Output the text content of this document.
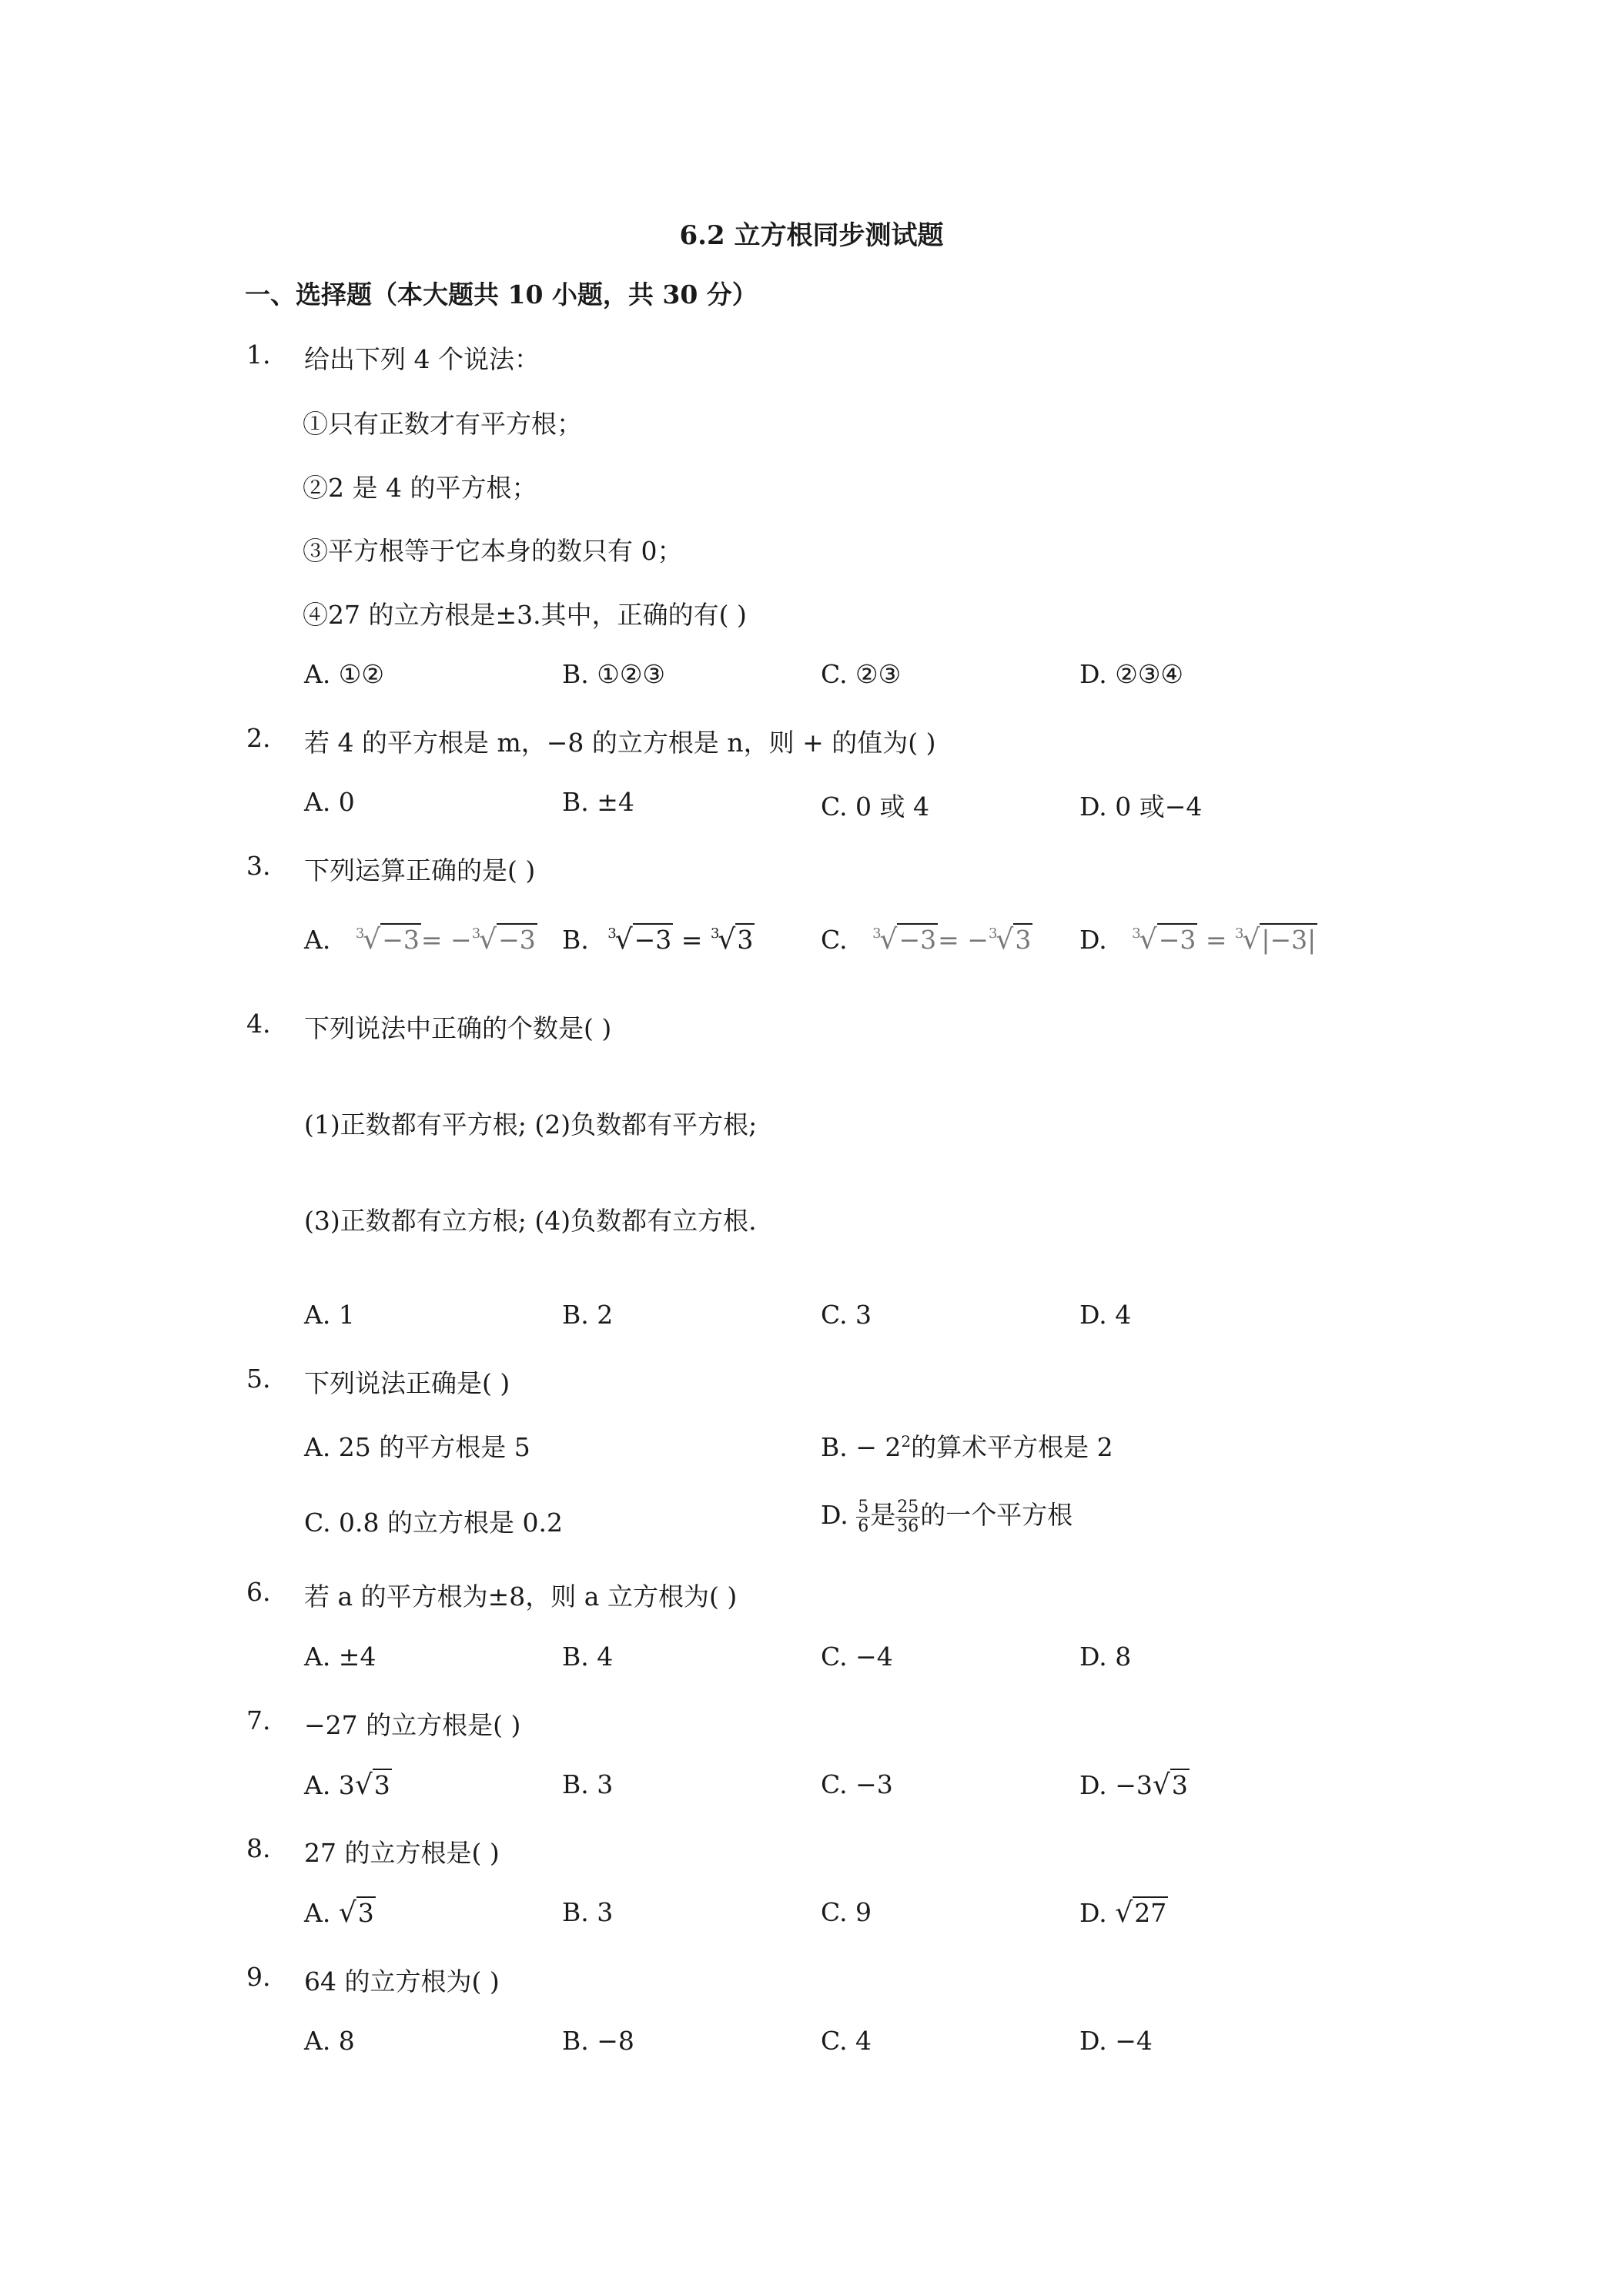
6.2 立方根同步测试题
一、选择题（本大题共 10 小题，共 30 分）
1. 给出下列 4 个说法：
①只有正数才有平方根；
②2 是 4 的平方根；
③平方根等于它本身的数只有 0；
④27 的立方根是±3.其中，正确的有( )
A. ①②	B. ①②③	C. ②③	D. ②③④
2. 若 4 的平方根是 m，−8 的立方根是 n，则 + 的值为( )
A. 0	B. ±4	C. 0 或 4	D. 0 或−4
3. 下列运算正确的是( )
A. $^3$√−3= −$^3$√−3 B. $^3$√−3 = $^3$√3	C. $^3$√−3= −$^3$√3 D. $^3$√−3 = $^3$√|−3|
4. 下列说法中正确的个数是( )
(1)正数都有平方根; (2)负数都有平方根;
(3)正数都有立方根; (4)负数都有立方根.
A. 1	B. 2	C. 3	D. 4
5. 下列说法正确是( )
A. 25 的平方根是 5	B. − $2^2$的算术平方根是 2
C. 0.8 的立方根是 0.2	D. $\frac{5}{6}$ 是 $\frac{25}{36}$ 的一个平方根
6. 若 a 的平方根为±8，则 a 立方根为( )
A. ±4	B. 4	C. −4	D. 8
7. −27 的立方根是( )
A. 3√3	B. 3	C. −3	D. −3√3
8. 27 的立方根是( )
A. √3	B. 3	C. 9	D. √27
9. 64 的立方根为( )
A. 8	B. −8	C. 4	D. −4
